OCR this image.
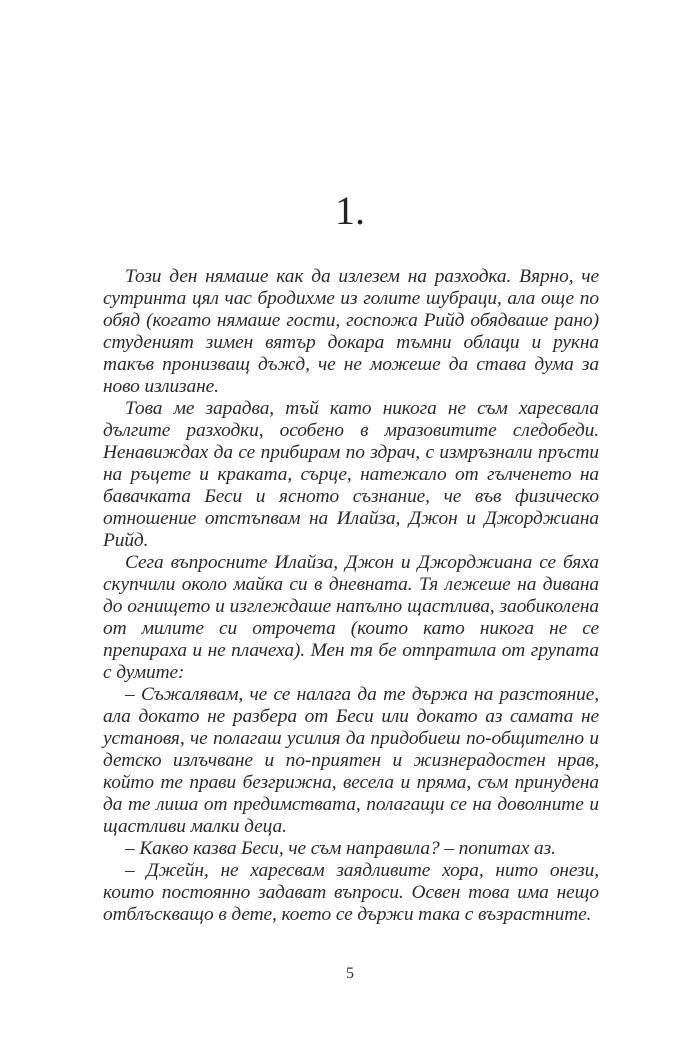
1.

Този ден нямаше как да излезем на разходка. Вярно, че сутринта цял час бродихме из голите шубраци, ала още по обяд (когато нямаше гости, госпожа Рийд обядваше рано) студеният зимен вятър докара тъмни облаци и рукна такъв пронизващ дъжд, че не можеше да става дума за ново излизане.

Това ме зарадва, тъй като никога не съм харесвала дългите разходки, особено в мразовитите следобеди. Ненавиждах да се прибирам по здрач, с измръзнали пръсти на ръцете и краката, сърце, натежало от гълченето на бавачката Беси и ясното съзнание, че във физическо отношение отстъпвам на Илайза, Джон и Джорджиана Рийд.

Сега въпросните Илайза, Джон и Джорджиана се бяха скупчили около майка си в дневната. Тя лежеше на дивана до огнището и изглеждаше напълно щастлива, заобиколена от милите си отрочета (които като никога не се препираха и не плачеха). Мен тя бе отпратила от групата с думите:

– Съжалявам, че се налага да те държа на разстояние, ала докато не разбера от Беси или докато аз самата не установя, че полагаш усилия да придобиеш по-общително и детско излъчване и по-приятен и жизнерадостен нрав, който те прави безгрижна, весела и пряма, съм принудена да те лиша от предимствата, полагащи се на доволните и щастливи малки деца.

– Какво казва Беси, че съм направила? – попитах аз.

– Джейн, не харесвам заядливите хора, нито онези, които постоянно задават въпроси. Освен това има нещо отблъскващо в дете, което се държи така с възрастните.

5
